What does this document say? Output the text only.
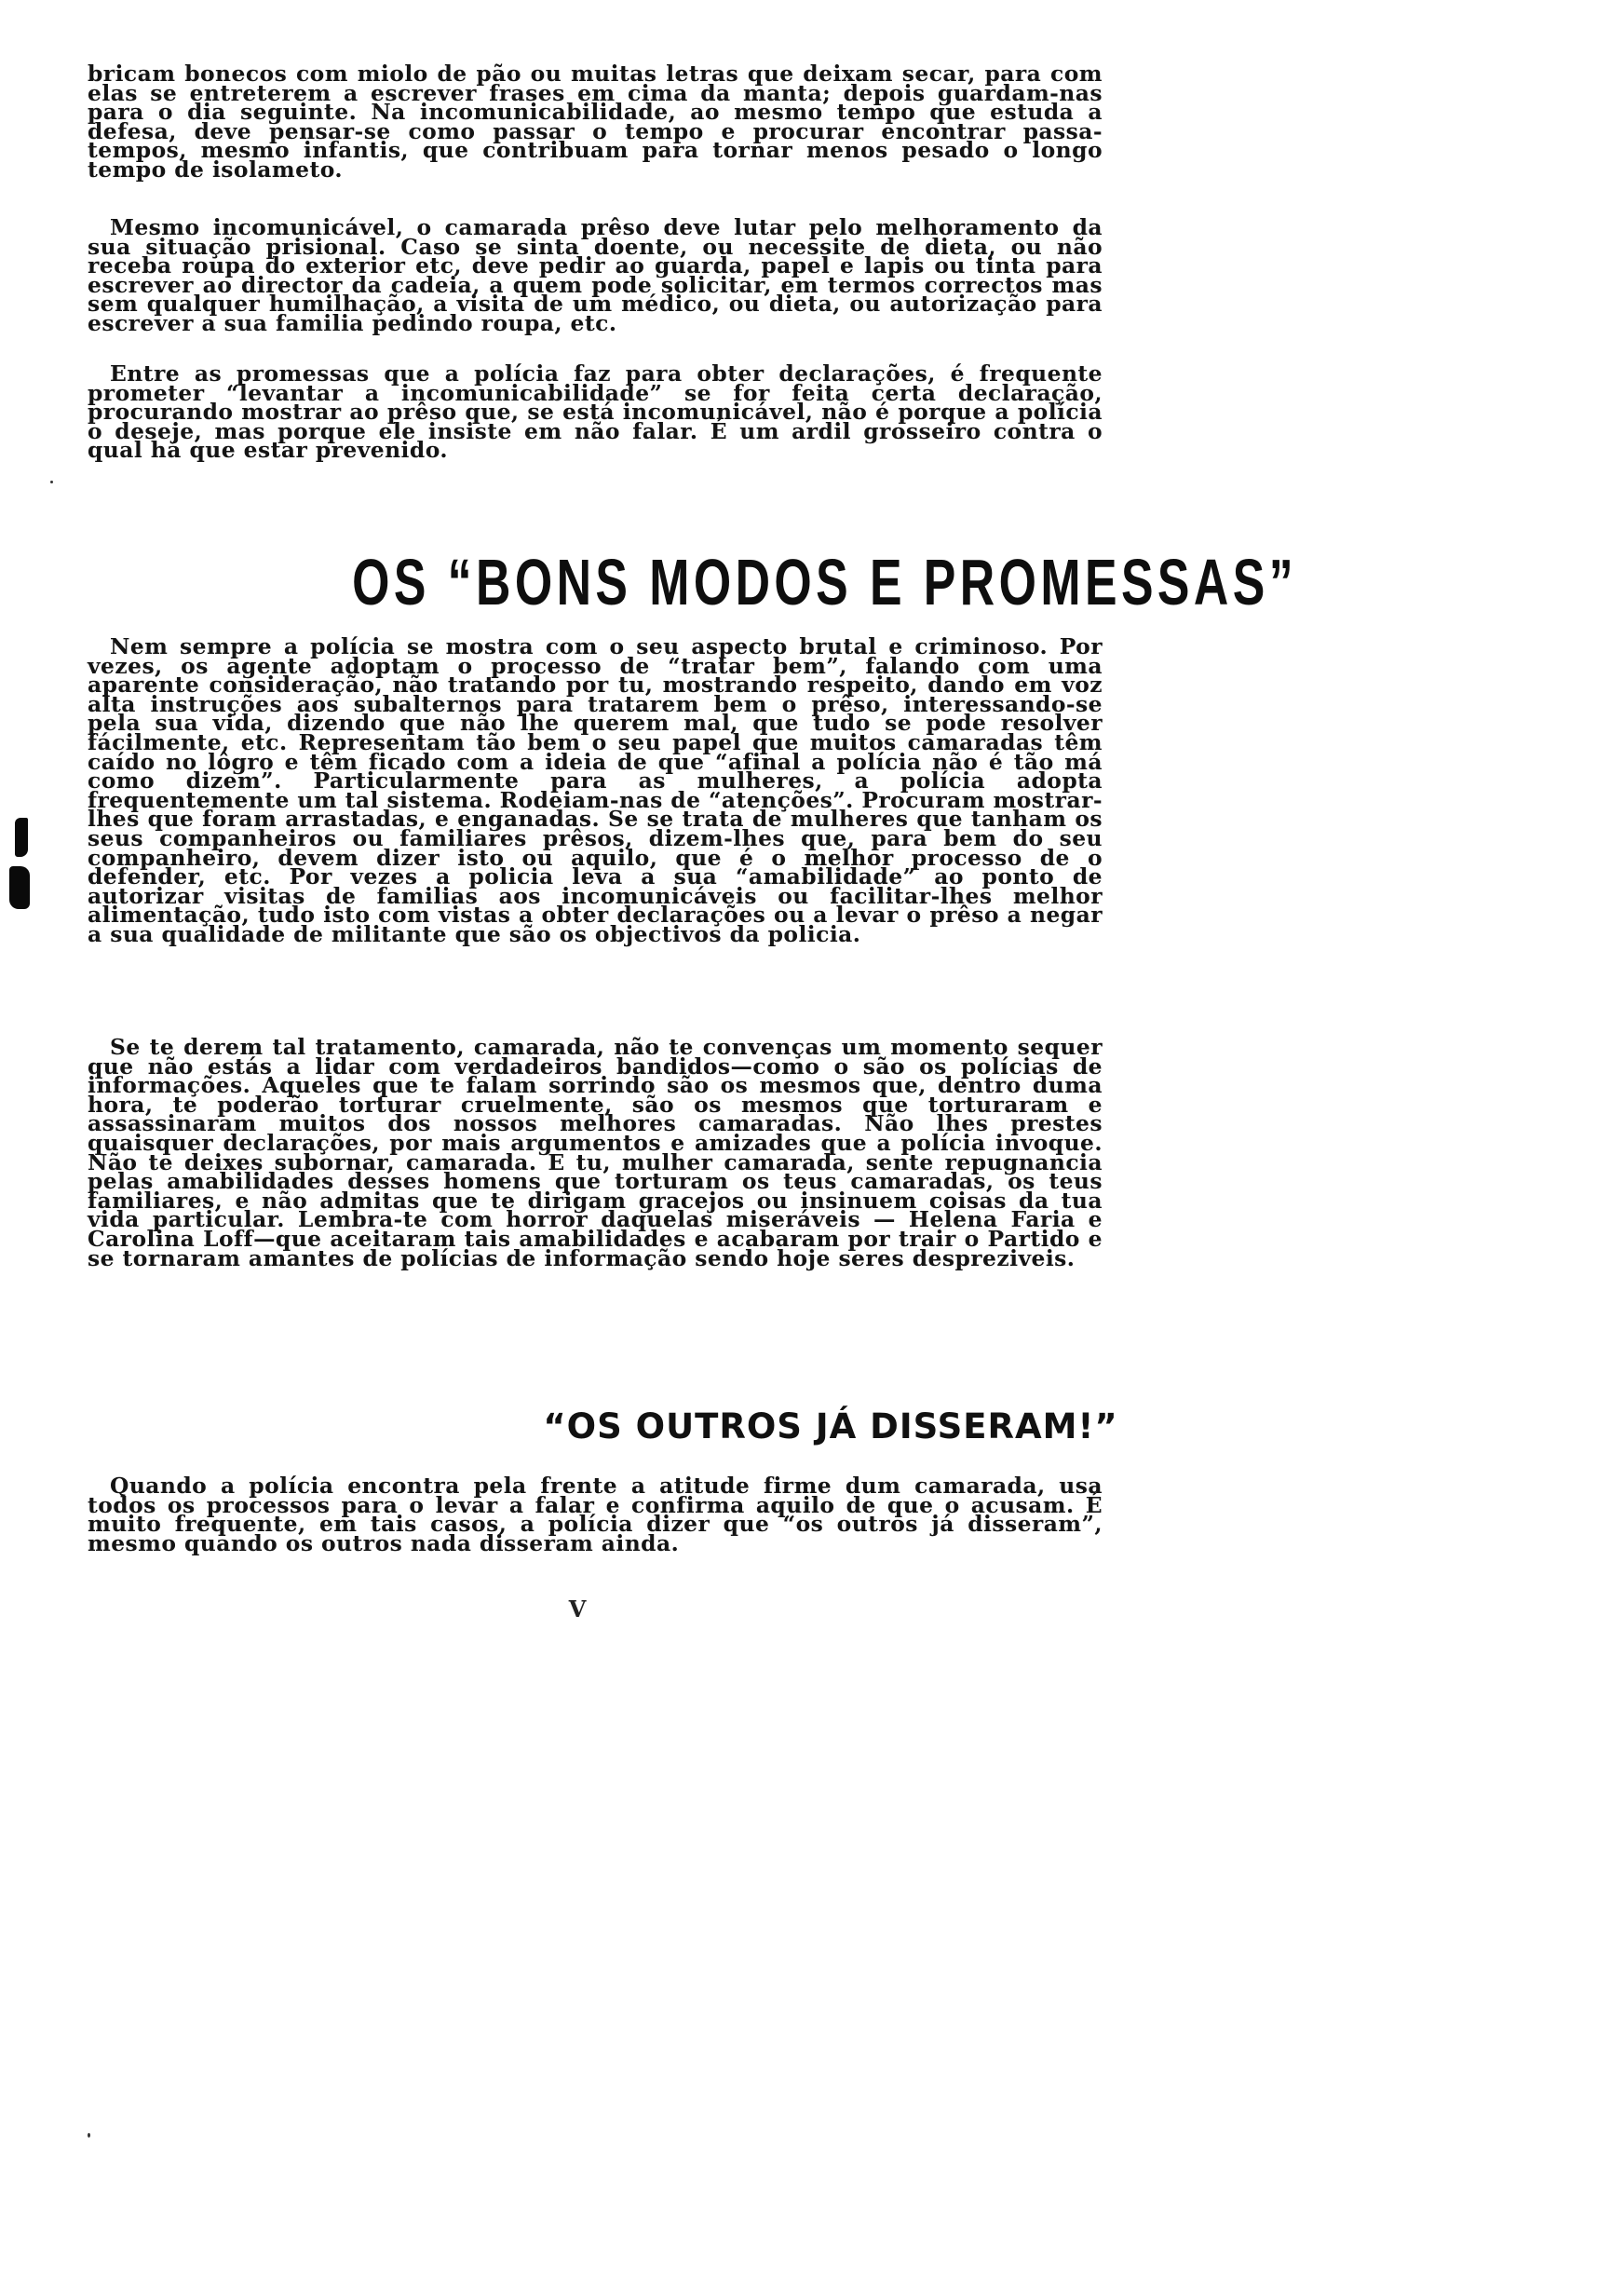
bricam bonecos com miolo de pão ou muitas letras que deixam secar, para com elas se entreterem a escrever frases em cima da manta; depois guardam-nas para o dia seguinte. Na incomunicabilidade, ao mesmo tempo que estuda a defesa, deve pensar-se como passar o tempo e procurar encontrar passa-tempos, mesmo infantis, que contribuam para tornar menos pesado o longo tempo de isolameto.

Mesmo incomunicável, o camarada prêso deve lutar pelo melhoramento da sua situação prisional. Caso se sinta doente, ou necessite de dieta, ou não receba roupa do exterior etc, deve pedir ao guarda, papel e lapis ou tinta para escrever ao director da cadeia, a quem pode solicitar, em termos correctos mas sem qualquer humilhação, a visita de um médico, ou dieta, ou autorização para escrever a sua familia pedindo roupa, etc.

Entre as promessas que a polícia faz para obter declarações, é frequente prometer “levantar a incomunicabilidade” se for feita certa declaração, procurando mostrar ao prêso que, se está incomunicável, não é porque a polícia o deseje, mas porque ele insiste em não falar. É um ardil grosseiro contra o qual há que estar prevenido.

OS “BONS MODOS E PROMESSAS”

Nem sempre a polícia se mostra com o seu aspecto brutal e criminoso. Por vezes, os agente adoptam o processo de “tratar bem”, falando com uma aparente consideração, não tratando por tu, mostrando respeito, dando em voz alta instruções aos subalternos para tratarem bem o prêso, interessando-se pela sua vida, dizendo que não lhe querem mal, que tudo se pode resolver fácilmente, etc. Representam tão bem o seu papel que muitos camaradas têm caído no lôgro e têm ficado com a ideia de que “afinal a polícia não é tão má como dizem”. Particularmente para as mulheres, a polícia adopta frequentemente um tal sistema. Rodeiam-nas de “atenções”. Procuram mostrar-lhes que foram arrastadas, e enganadas. Se se trata de mulheres que tanham os seus companheiros ou familiares prêsos, dizem-lhes que, para bem do seu companheiro, devem dizer isto ou aquilo, que é o melhor processo de o defender, etc. Por vezes a policia leva a sua “amabilidade” ao ponto de autorizar visitas de familias aos incomunicáveis ou facilitar-lhes melhor alimentação, tudo isto com vistas a obter declarações ou a levar o prêso a negar a sua qualidade de militante que são os objectivos da policia.

Se te derem tal tratamento, camarada, não te convenças um momento sequer que não estás a lidar com verdadeiros bandidos—como o são os polícias de informações. Aqueles que te falam sorrindo são os mesmos que, dentro duma hora, te poderão torturar cruelmente, são os mesmos que torturaram e assassinaram muitos dos nossos melhores camaradas. Não lhes prestes quaisquer declarações, por mais argumentos e amizades que a polícia invoque. Não te deixes subornar, camarada. E tu, mulher camarada, sente repugnancia pelas amabilidades desses homens que torturam os teus camaradas, os teus familiares, e não admitas que te dirigam gracejos ou insinuem coisas da tua vida particular. Lembra-te com horror daquelas miseráveis — Helena Faria e Carolina Loff—que aceitaram tais amabilidades e acabaram por trair o Partido e se tornaram amantes de polícias de informação sendo hoje seres despreziveis.

“OS OUTROS JÁ DISSERAM!”

Quando a polícia encontra pela frente a atitude firme dum camarada, usa todos os processos para o levar a falar e confirma aquilo de que o acusam. É muito frequente, em tais casos, a polícia dizer que “os outros já disseram”, mesmo quando os outros nada disseram ainda.

V
